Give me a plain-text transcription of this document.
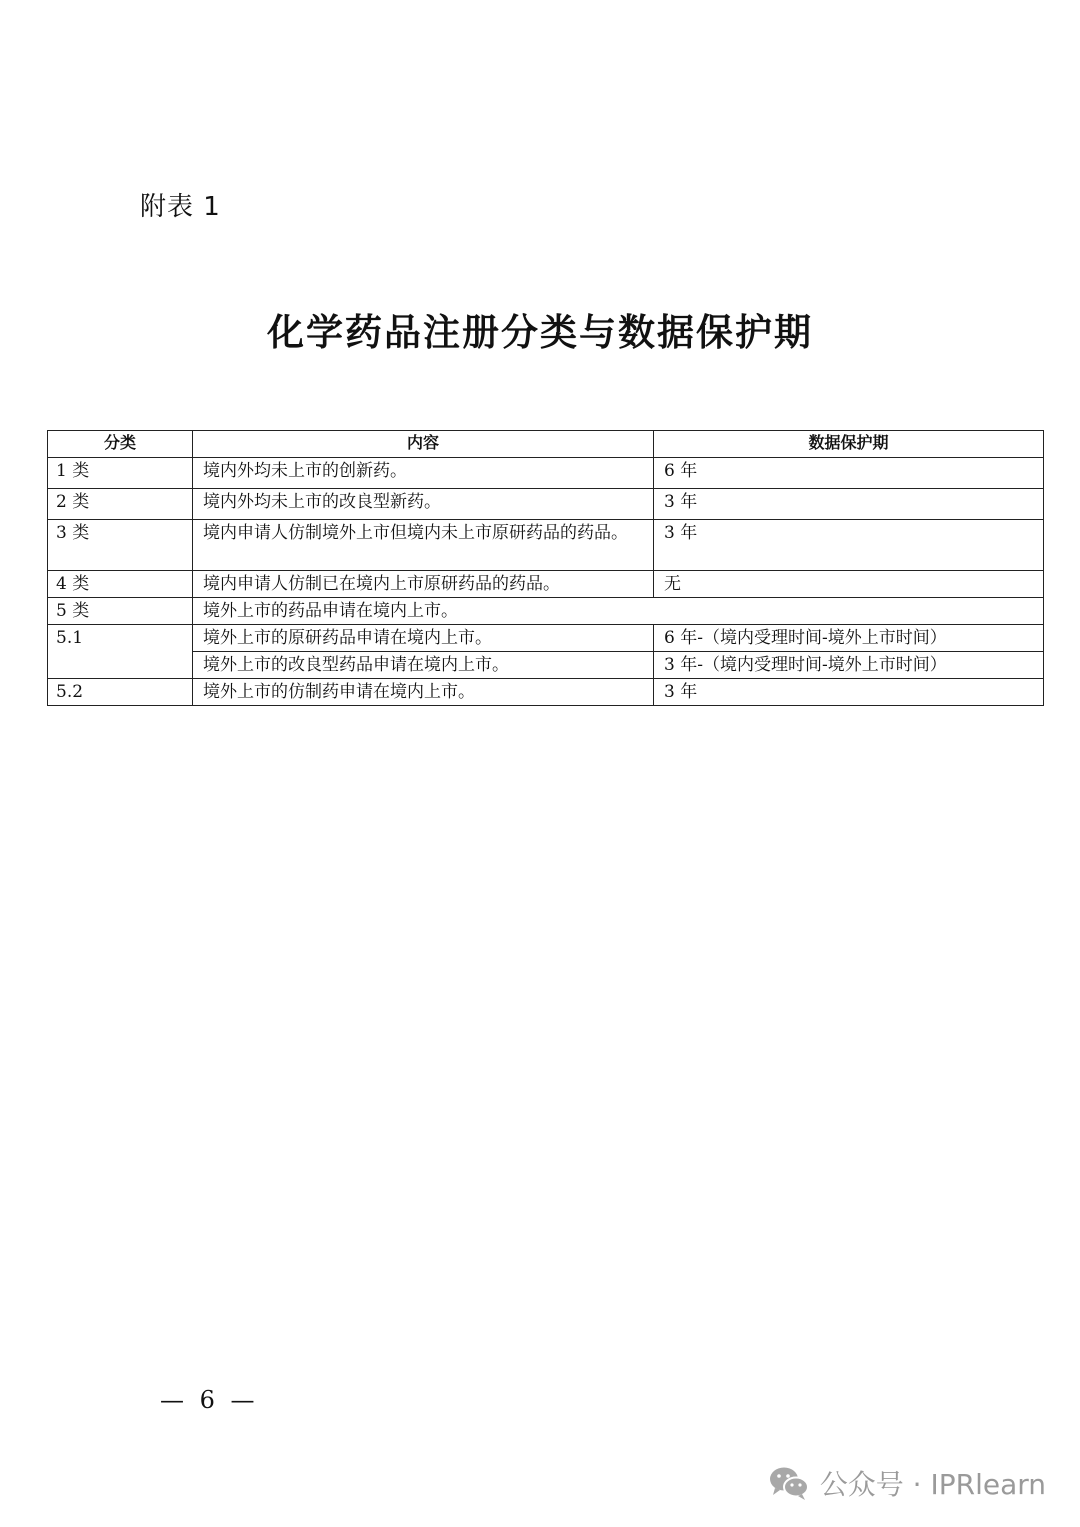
附表 1
化学药品注册分类与数据保护期
分类	内容	数据保护期
1 类	境内外均未上市的创新药。	6 年
2 类	境内外均未上市的改良型新药。	3 年
3 类	境内申请人仿制境外上市但境内未上市原研药品的药品。	3 年
4 类	境内申请人仿制已在境内上市原研药品的药品。	无
5 类	境外上市的药品申请在境内上市。	
5.1	境外上市的原研药品申请在境内上市。	6 年-（境内受理时间-境外上市时间）
	境外上市的改良型药品申请在境内上市。	3 年-（境内受理时间-境外上市时间）
5.2	境外上市的仿制药申请在境内上市。	3 年
— 6 —
公众号 · IPRlearn
